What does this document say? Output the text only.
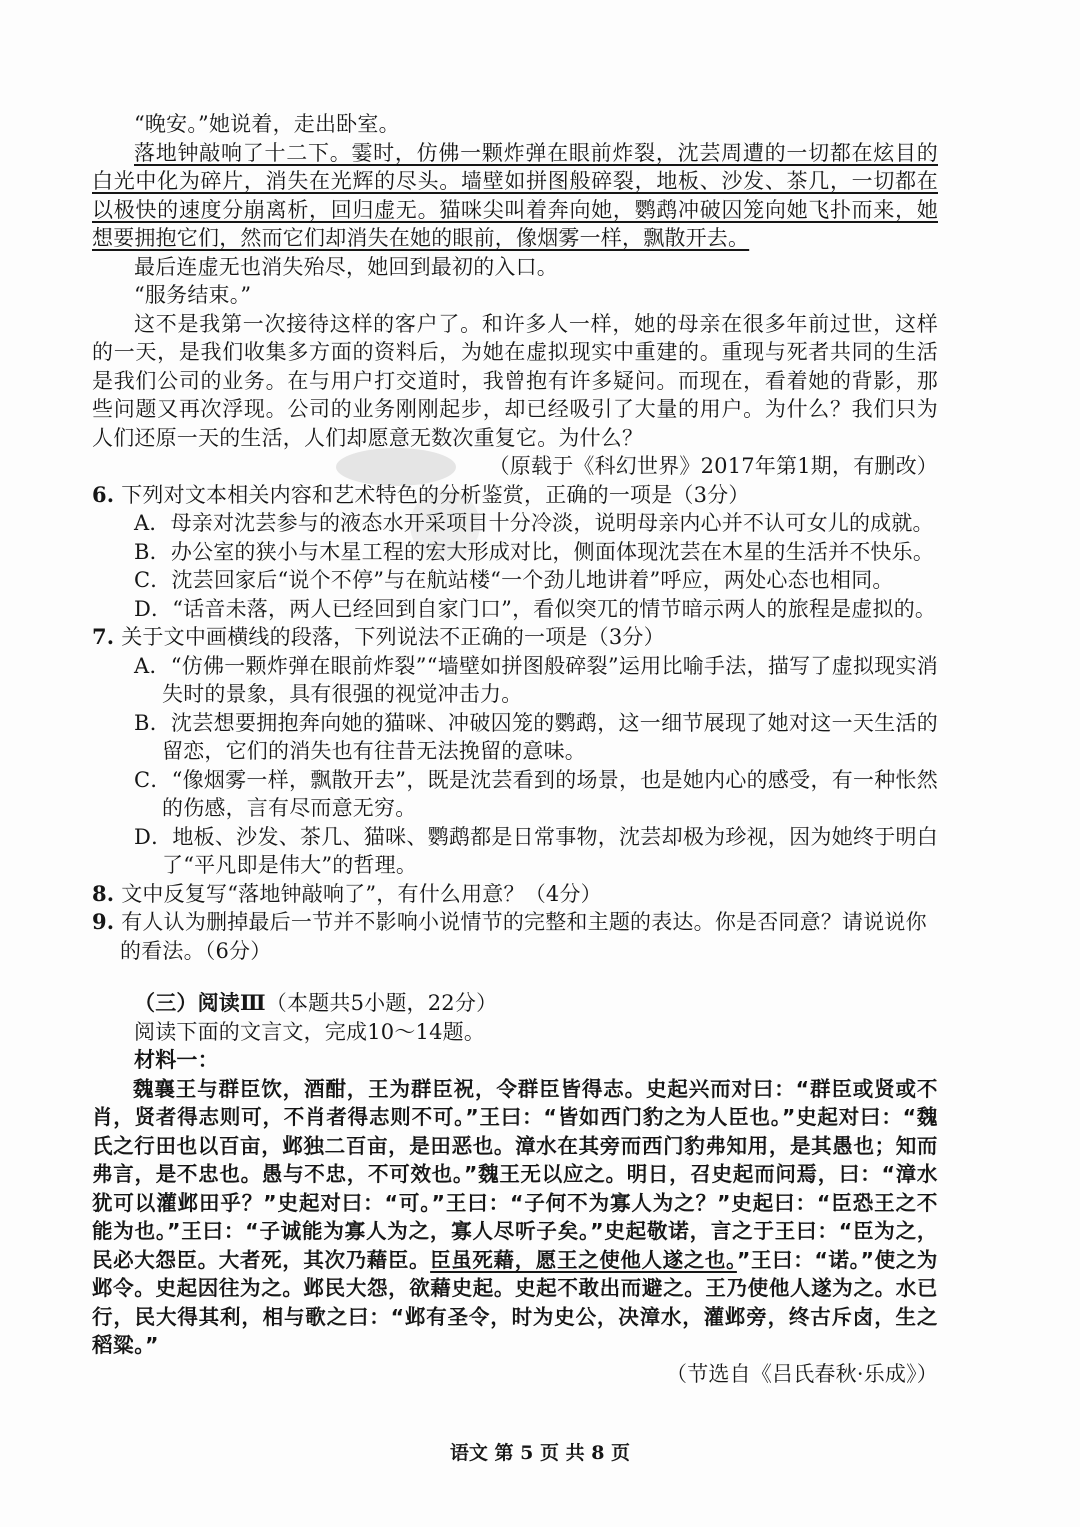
“晚安。”她说着，走出卧室。

落地钟敲响了十二下。霎时，仿佛一颗炸弹在眼前炸裂，沈芸周遭的一切都在炫目的白光中化为碎片，消失在光辉的尽头。墙壁如拼图般碎裂，地板、沙发、茶几，一切都在以极快的速度分崩离析，回归虚无。猫咪尖叫着奔向她，鹦鹉冲破囚笼向她飞扑而来，她想要拥抱它们，然而它们却消失在她的眼前，像烟雾一样，飘散开去。

最后连虚无也消失殆尽，她回到最初的入口。

“服务结束。”

这不是我第一次接待这样的客户了。和许多人一样，她的母亲在很多年前过世，这样的一天，是我们收集多方面的资料后，为她在虚拟现实中重建的。重现与死者共同的生活是我们公司的业务。在与用户打交道时，我曾抱有许多疑问。而现在，看着她的背影，那些问题又再次浮现。公司的业务刚刚起步，却已经吸引了大量的用户。为什么？我们只为人们还原一天的生活，人们却愿意无数次重复它。为什么？

（原载于《科幻世界》2017年第1期，有删改）

6. 下列对文本相关内容和艺术特色的分析鉴赏，正确的一项是（3分）

A．母亲对沈芸参与的液态水开采项目十分冷淡，说明母亲内心并不认可女儿的成就。

B．办公室的狭小与木星工程的宏大形成对比，侧面体现沈芸在木星的生活并不快乐。

C．沈芸回家后“说个不停”与在航站楼“一个劲儿地讲着”呼应，两处心态也相同。

D．“话音未落，两人已经回到自家门口”，看似突兀的情节暗示两人的旅程是虚拟的。

7. 关于文中画横线的段落，下列说法不正确的一项是（3分）

A．“仿佛一颗炸弹在眼前炸裂”“墙壁如拼图般碎裂”运用比喻手法，描写了虚拟现实消失时的景象，具有很强的视觉冲击力。

B．沈芸想要拥抱奔向她的猫咪、冲破囚笼的鹦鹉，这一细节展现了她对这一天生活的留恋，它们的消失也有往昔无法挽留的意味。

C．“像烟雾一样，飘散开去”，既是沈芸看到的场景，也是她内心的感受，有一种怅然的伤感，言有尽而意无穷。

D．地板、沙发、茶几、猫咪、鹦鹉都是日常事物，沈芸却极为珍视，因为她终于明白了“平凡即是伟大”的哲理。

8. 文中反复写“落地钟敲响了”，有什么用意？（4分）

9. 有人认为删掉最后一节并不影响小说情节的完整和主题的表达。你是否同意？请说说你的看法。（6分）

（三）阅读Ⅲ（本题共5小题，22分）

阅读下面的文言文，完成10～14题。

材料一：

魏襄王与群臣饮，酒酣，王为群臣祝，令群臣皆得志。史起兴而对曰：“群臣或贤或不肖，贤者得志则可，不肖者得志则不可。”王曰：“皆如西门豹之为人臣也。”史起对曰：“魏氏之行田也以百亩，邺独二百亩，是田恶也。漳水在其旁而西门豹弗知用，是其愚也；知而弗言，是不忠也。愚与不忠，不可效也。”魏王无以应之。明日，召史起而问焉，曰：“漳水犹可以灌邺田乎？”史起对曰：“可。”王曰：“子何不为寡人为之？”史起曰：“臣恐王之不能为也。”王曰：“子诚能为寡人为之，寡人尽听子矣。”史起敬诺，言之于王曰：“臣为之，民必大怨臣。大者死，其次乃藉臣。臣虽死藉，愿王之使他人遂之也。”王曰：“诺。”使之为邺令。史起因往为之。邺民大怨，欲藉史起。史起不敢出而避之。王乃使他人遂为之。水已行，民大得其利，相与歌之曰：“邺有圣令，时为史公，决漳水，灌邺旁，终古斥卤，生之稻粱。”

（节选自《吕氏春秋·乐成》）

语文 第 5 页 共 8 页
